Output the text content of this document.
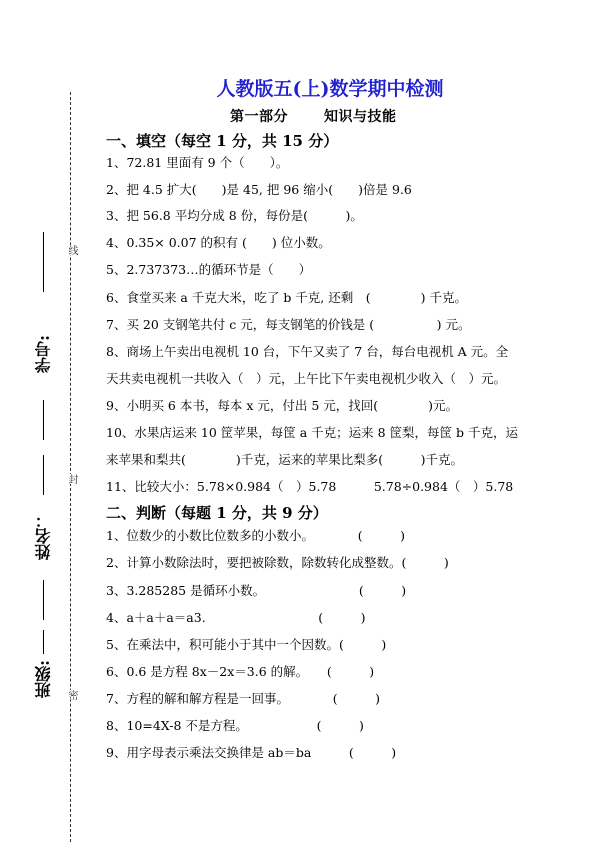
线
封
密
学号:
姓名：
班级:
人教版五(上)数学期中检测
第一部分	知识与技能
一、填空（每空 1 分，共 15 分）
1、72.81 里面有 9 个（　　）。
2、把 4.5 扩大(　　)是 45, 把 96 缩小(　　)倍是 9.6
3、把 56.8 平均分成 8 份，每份是(　　　)。
4、0.35× 0.07 的积有 (　　) 位小数。
5、2.737373…的循环节是（　　）
6、食堂买来 a 千克大米，吃了 b 千克, 还剩　(　　　　) 千克。
7、买 20 支钢笔共付 c 元，每支钢笔的价钱是 (　　　　　) 元。
8、商场上午卖出电视机 10 台，下午又卖了 7 台，每台电视机 A 元。全
天共卖电视机一共收入（　）元，上午比下午卖电视机少收入（　）元。
9、小明买 6 本书，每本 x 元，付出 5 元，找回(　　　　)元。
10、水果店运来 10 筐苹果，每筐 a 千克；运来 8 筐梨，每筐 b 千克，运
来苹果和梨共(　　　　)千克，运来的苹果比梨多(　　　)千克。
11、比较大小：5.78×0.984（　）5.78　　　5.78÷0.984（　）5.78
二、判断（每题 1 分，共 9 分）
1、位数少的小数比位数多的小数小。　　　　(　　　)
2、计算小数除法时，要把被除数，除数转化成整数。(　　　)
3、3.285285 是循环小数。　　　　　　　　(　　　)
4、a＋a＋a＝a3.　　　　　　　　　(　　　)
5、在乘法中，积可能小于其中一个因数。(　　　)
6、0.6 是方程 8x－2x＝3.6 的解。　　(　　　)
7、方程的解和解方程是一回事。　　　　(　　　)
8、10=4X-8 不是方程。　　　　　　(　　　)
9、用字母表示乘法交换律是 ab＝ba　　　(　　　)
